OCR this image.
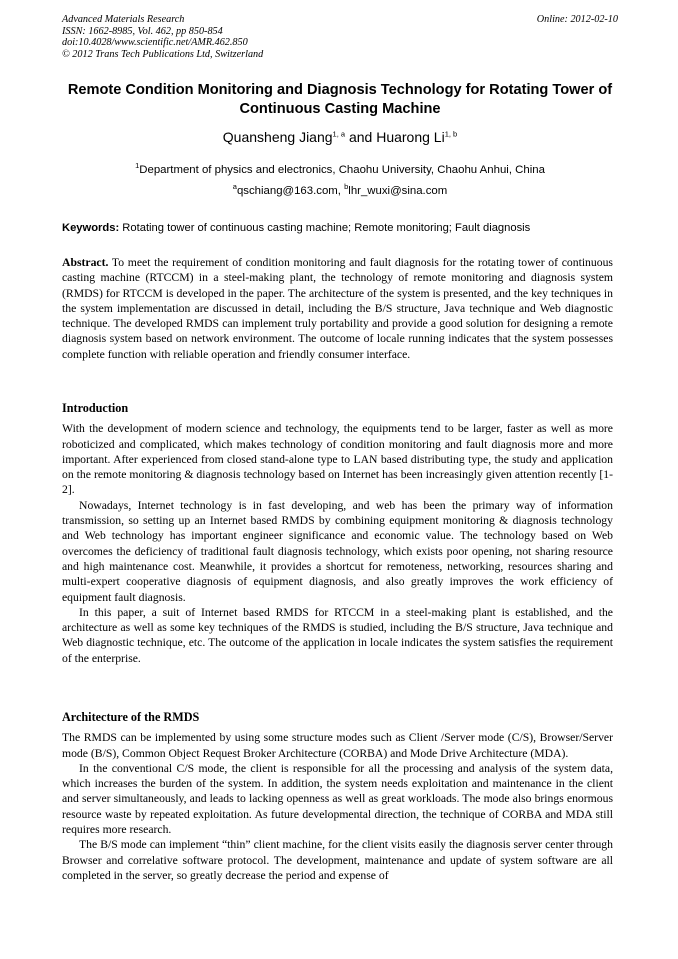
Advanced Materials Research
ISSN: 1662-8985, Vol. 462, pp 850-854
doi:10.4028/www.scientific.net/AMR.462.850
© 2012 Trans Tech Publications Ltd, Switzerland
Online: 2012-02-10
Remote Condition Monitoring and Diagnosis Technology for Rotating Tower of Continuous Casting Machine
Quansheng Jiang$^{1, a}$ and Huarong Li$^{1, b}$
$^1$Department of physics and electronics, Chaohu University, Chaohu Anhui, China
$^a$qschiang@163.com, $^b$lhr_wuxi@sina.com
Keywords: Rotating tower of continuous casting machine; Remote monitoring; Fault diagnosis

Abstract. To meet the requirement of condition monitoring and fault diagnosis for the rotating tower of continuous casting machine (RTCCM) in a steel-making plant, the technology of remote monitoring and diagnosis system (RMDS) for RTCCM is developed in the paper. The architecture of the system is presented, and the key techniques in the system implementation are discussed in detail, including the B/S structure, Java technique and Web diagnostic technique. The developed RMDS can implement truly portability and provide a good solution for designing a remote diagnosis system based on network environment. The outcome of locale running indicates that the system possesses complete function with reliable operation and friendly consumer interface.

Introduction

With the development of modern science and technology, the equipments tend to be larger, faster as well as more roboticized and complicated, which makes technology of condition monitoring and fault diagnosis more and more important. After experienced from closed stand-alone type to LAN based distributing type, the study and application on the remote monitoring & diagnosis technology based on Internet has been increasingly given attention recently [1-2].

Nowadays, Internet technology is in fast developing, and web has been the primary way of information transmission, so setting up an Internet based RMDS by combining equipment monitoring & diagnosis technology and Web technology has important engineer significance and economic value. The technology based on Web overcomes the deficiency of traditional fault diagnosis technology, which exists poor opening, not sharing resource and high maintenance cost. Meanwhile, it provides a shortcut for remoteness, networking, resources sharing and multi-expert cooperative diagnosis of equipment diagnosis, and also greatly improves the work efficiency of equipment fault diagnosis.

In this paper, a suit of Internet based RMDS for RTCCM in a steel-making plant is established, and the architecture as well as some key techniques of the RMDS is studied, including the B/S structure, Java technique and Web diagnostic technique, etc. The outcome of the application in locale indicates the system satisfies the requirement of the enterprise.

Architecture of the RMDS

The RMDS can be implemented by using some structure modes such as Client /Server mode (C/S), Browser/Server mode (B/S), Common Object Request Broker Architecture (CORBA) and Mode Drive Architecture (MDA).

In the conventional C/S mode, the client is responsible for all the processing and analysis of the system data, which increases the burden of the system. In addition, the system needs exploitation and maintenance in the client and server simultaneously, and leads to lacking openness as well as great workloads. The mode also brings enormous resource waste by repeated exploitation. As future developmental direction, the technique of CORBA and MDA still requires more research.

The B/S mode can implement “thin” client machine, for the client visits easily the diagnosis server center through Browser and correlative software protocol. The development, maintenance and update of system software are all completed in the server, so greatly decrease the period and expense of
